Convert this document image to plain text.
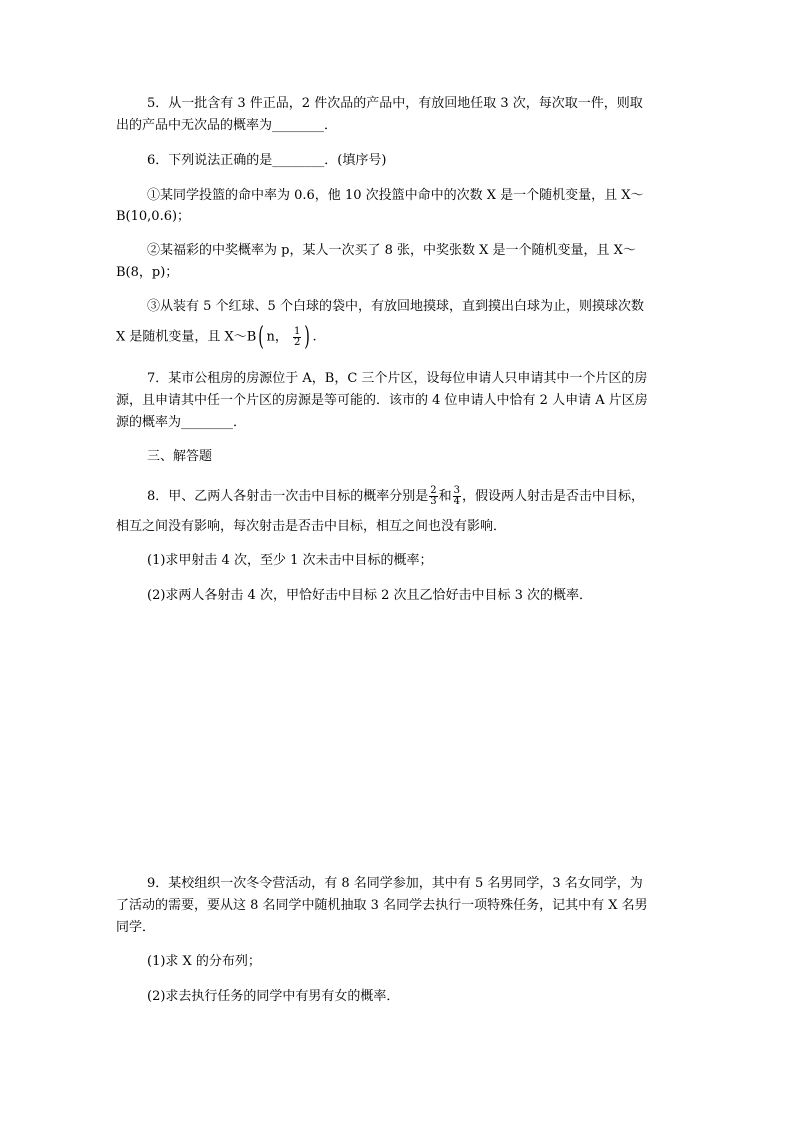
5．从一批含有 3 件正品，2 件次品的产品中，有放回地任取 3 次，每次取一件，则取
出的产品中无次品的概率为________．
6．下列说法正确的是________．(填序号)
①某同学投篮的命中率为 0.6，他 10 次投篮中命中的次数 X 是一个随机变量，且 X～
B(10,0.6)；
②某福彩的中奖概率为 p，某人一次买了 8 张，中奖张数 X 是一个随机变量，且 X～
B(8，p)；
③从装有 5 个红球、5 个白球的袋中，有放回地摸球，直到摸出白球为止，则摸球次数
X 是随机变量，且 X～B( n， $\frac{1}{2}$ ) .
7．某市公租房的房源位于 A，B，C 三个片区，设每位申请人只申请其中一个片区的房
源，且申请其中任一个片区的房源是等可能的．该市的 4 位申请人中恰有 2 人申请 A 片区房
源的概率为________．
三、解答题
8．甲、乙两人各射击一次击中目标的概率分别是 $\frac{2}{3}$ 和 $\frac{3}{4}$ ，假设两人射击是否击中目标，
相互之间没有影响，每次射击是否击中目标，相互之间也没有影响．
(1)求甲射击 4 次，至少 1 次未击中目标的概率；
(2)求两人各射击 4 次，甲恰好击中目标 2 次且乙恰好击中目标 3 次的概率．
9．某校组织一次冬令营活动，有 8 名同学参加，其中有 5 名男同学，3 名女同学，为
了活动的需要，要从这 8 名同学中随机抽取 3 名同学去执行一项特殊任务，记其中有 X 名男
同学．
(1)求 X 的分布列；
(2)求去执行任务的同学中有男有女的概率．
